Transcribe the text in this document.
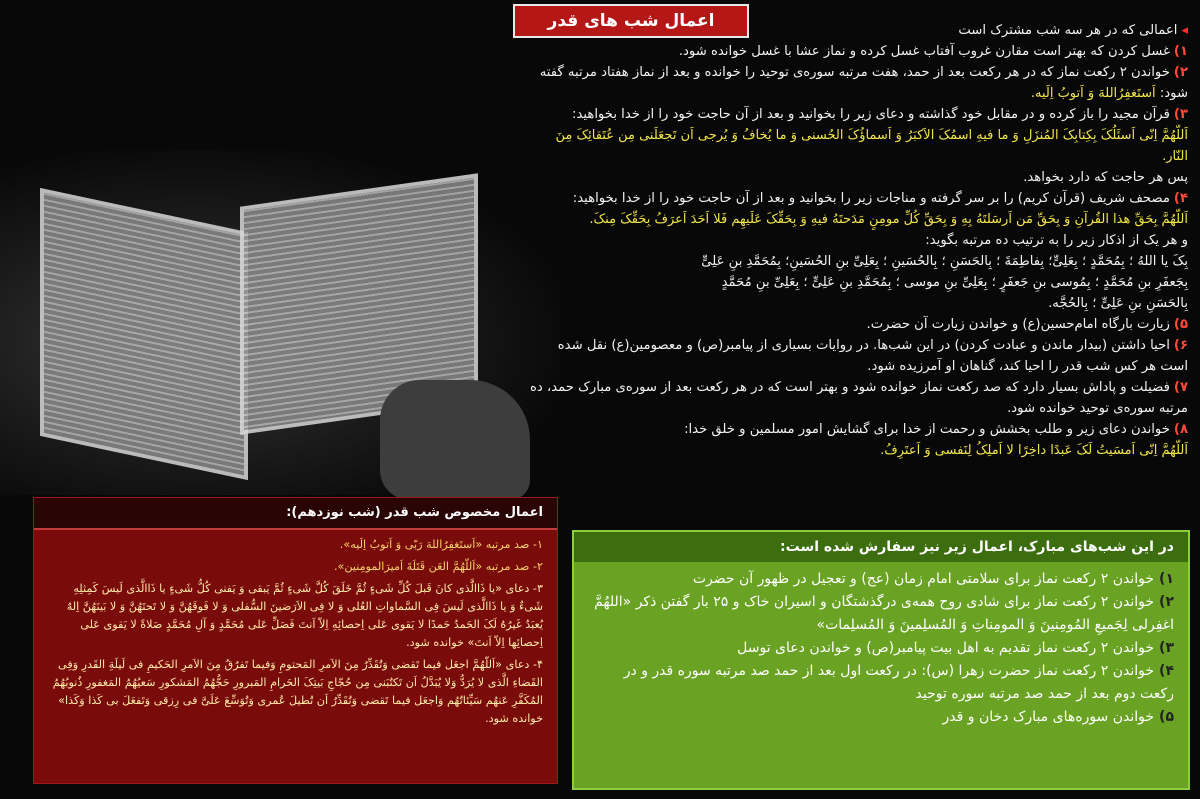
اعمال شب های قدر	◂اعمالی که در هر سه شب مشترک است

۱)غسل کردن که بهتر است مقارن غروب آفتاب غسل کرده و نماز عشا با غسل خوانده شود.

۲)خواندن ۲ رکعت نماز که در هر رکعت بعد از حمد، هفت مرتبه سوره‌ی توحید را خوانده و بعد از نماز هفتاد مرتبه گفته شود: اَستَغفِرُاللهَ وَ اَتوبُ اِلَیه.

۳)قرآن مجید را باز کرده و در مقابل خود گذاشته و دعای زیر را بخوانید و بعد از آن حاجت خود را از خدا بخواهید:

اَللّهُمَّ اِنّی اَسئَلُکَ بِکِتابِکَ المُنزَلِ وَ ما فیهِ اسمُکَ الاَکبَرُ وَ اَسماؤُکَ الحُسنی وَ ما یُخافُ وَ یُرجی اَن تَجعَلَنی مِن عُتَقائِکَ مِنَ النّار.

پس هر حاجت که دارد بخواهد.

۴)مصحف شریف (قرآن کریم) را بر سر گرفته و مناجات زیر را بخوانید و بعد از آن حاجت خود را از خدا بخواهید:

اَللّهُمَّ بِحَقِّ هذا القُرآنِ وَ بِحَقِّ مَن اَرسَلتَهُ بِهِ وَ بِحَقِّ کُلِّ مومِنٍ مَدَحتَهُ فیهِ وَ بِحَقِّکَ عَلَیهِم فَلا اَحَدَ اَعرَفُ بِحَقِّکَ مِنکَ.

و هر یک از اذکار زیر را به ترتیب ده مرتبه بگوید:

بِکَ یا اللهُ ؛ بِمُحَمَّدٍ ؛ بِعَلِیٍّ؛ بِفاطِمَةَ ؛ بِالحَسَنِ ؛ بِالحُسَینِ ؛ بِعَلِیِّ بنِ الحُسَینِ؛ بِمُحَمَّدِ بنِ عَلِیٍّ

بِجَعفَرِ بنِ مُحَمَّدٍ ؛ بِمُوسی بنِ جَعفَرٍ ؛ بِعَلِیِّ بنِ موسی ؛ بِمُحَمَّدِ بنِ عَلِیٍّ ؛ بِعَلِیِّ بنِ مُحَمَّدٍ

بِالحَسَنِ بنِ عَلِیٍّ ؛ بِالحُجَّه.

۵)زیارت بارگاه امام‌حسین(ع) و خواندن زیارت آن حضرت.

۶)احیا داشتن (بیدار ماندن و عبادت کردن) در این شب‌ها. در روایات بسیاری از پیامبر(ص) و معصومین(ع) نقل شده است هر کس شب قدر را احیا کند، گناهان او آمرزیده شود.

۷)فضیلت و پاداش بسیار دارد که صد رکعت نماز خوانده شود و بهتر است که در هر رکعت بعد از سوره‌ی مبارک حمد، ده مرتبه سوره‌ی توحید خوانده شود.

۸)خواندن دعای زیر و طلب بخشش و رحمت از خدا برای گشایش امور مسلمین و خلق خدا:

اَللّهُمَّ اِنّی اَمسَیتُ لَکَ عَبدًا داخِرًا لا اَملِکُ لِنَفسی وَ اَعتَرِفُ.

اعمال مخصوص شب قدر (شب نوزدهم):

۱- صد مرتبه «اَستَغفِرُاللهَ رَبّی وَ اَتوبُ اِلَیه».

۲- صد مرتبه «اَللّهُمَّ العَن قَتَلَةَ اَمیرَالمومِنین».

۳- دعای «یا ذَاالَّذی کانَ قَبلَ کُلِّ شَیءٍ ثُمَّ خَلَقَ کُلَّ شَیءٍ ثُمَّ یَبقی وَ یَفنی کُلُّ شَیءٍ یا ذَاالَّذی لَیسَ کَمِثلِهِ شَیءٌ وَ یا ذَاالَّذی لَیسَ فِی السَّماواتِ العُلی وَ لا فِی الاَرَضینَ السُّفلی وَ لا فَوقَهُنَّ وَ لا تَحتَهُنَّ وَ لا بَینَهُنَّ اِلهٌ یُعبَدُ غَیرُهُ لَکَ الحَمدُ حَمدًا لا یَقوی عَلی اِحصائِهِ اِلاّ اَنتَ فَصَلِّ عَلی مُحَمَّدٍ وَ آلِ مُحَمَّدٍ صَلاةً لا یَقوی عَلی اِحصائِها اِلاّ اَنتَ» خوانده شود.

۴- دعای «اَللّهُمَّ اجعَل فیما تَقضی وَتُقَدِّرُ مِنَ الاَمرِ المَحتومِ وَفیما تَفرُقُ مِنَ الاَمرِ الحَکیمِ فی لَیلَةِ القَدرِ وَفِی القَضاءِ الَّذی لا یُرَدُّ وَلا یُبَدَّلُ اَن تَکتُبَنی مِن حُجّاجِ بَیتِکَ الحَرامِ المَبرورِ حَجُّهُمُ المَشکورِ سَعیُهُمُ المَغفورِ ذُنوبُهُمُ المُکَفَّرِ عَنهُم سَیِّئاتُهُم وَاجعَل فیما تَقضی وَتُقَدِّرُ اَن تُطیلَ عُمری وَتُوَسِّعَ عَلَیَّ فی رِزقی وَتَفعَلَ بی کَذا وَکَذا» خوانده شود.

در این شب‌های مبارک، اعمال زیر نیز سفارش شده است:
۱)خواندن ۲ رکعت نماز برای سلامتی امام زمان (عج) و تعجیل در ظهور آن حضرت
۲)خواندن ۲ رکعت نماز برای شادی روح همه‌ی درگذشتگان و اسیران خاک و ۲۵ بار گفتن ذکر «اللهُمَّ اغفِرلی لِجَمیعِ المُومِنینَ وَ المومِناتِ وَ المُسلِمینَ وَ المُسلِمات»
۳)خواندن ۲ رکعت نماز تقدیم به اهل بیت پیامبر(ص) و خواندن دعای توسل
۴)خواندن ۲ رکعت نماز حضرت زهرا (س): در رکعت اول بعد از حمد صد مرتبه سوره قدر و در رکعت دوم بعد از حمد صد مرتبه سوره توحید
۵)خواندن سوره‌های مبارک دخان و قدر
